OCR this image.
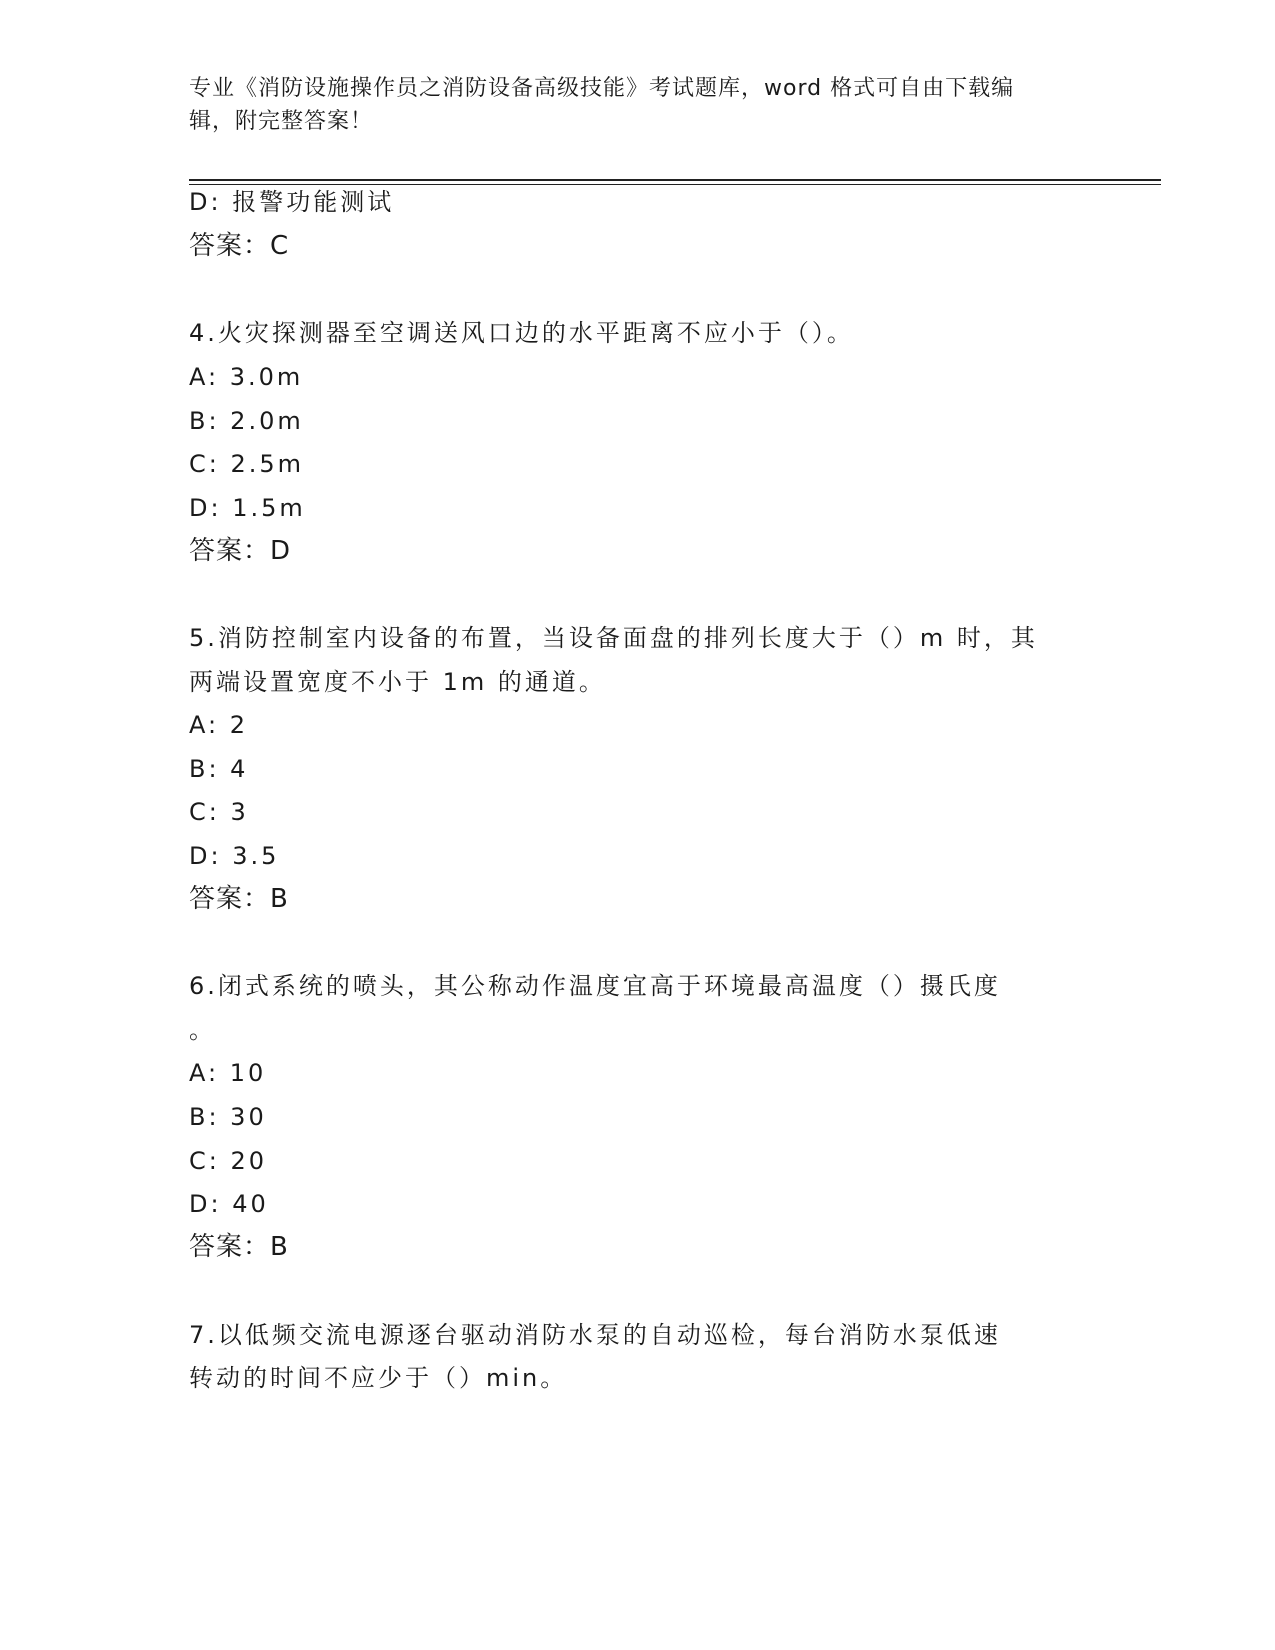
专业《消防设施操作员之消防设备高级技能》考试题库，word 格式可自由下载编
辑，附完整答案！
D: 报警功能测试
答案：C
4.火灾探测器至空调送风口边的水平距离不应小于（）。
A: 3.0m
B: 2.0m
C: 2.5m
D: 1.5m
答案：D
5.消防控制室内设备的布置，当设备面盘的排列长度大于（）m 时，其
两端设置宽度不小于 1m 的通道。
A: 2
B: 4
C: 3
D: 3.5
答案：B
6.闭式系统的喷头，其公称动作温度宜高于环境最高温度（）摄氏度
。
A: 10
B: 30
C: 20
D: 40
答案：B
7.以低频交流电源逐台驱动消防水泵的自动巡检，每台消防水泵低速
转动的时间不应少于（）min。
